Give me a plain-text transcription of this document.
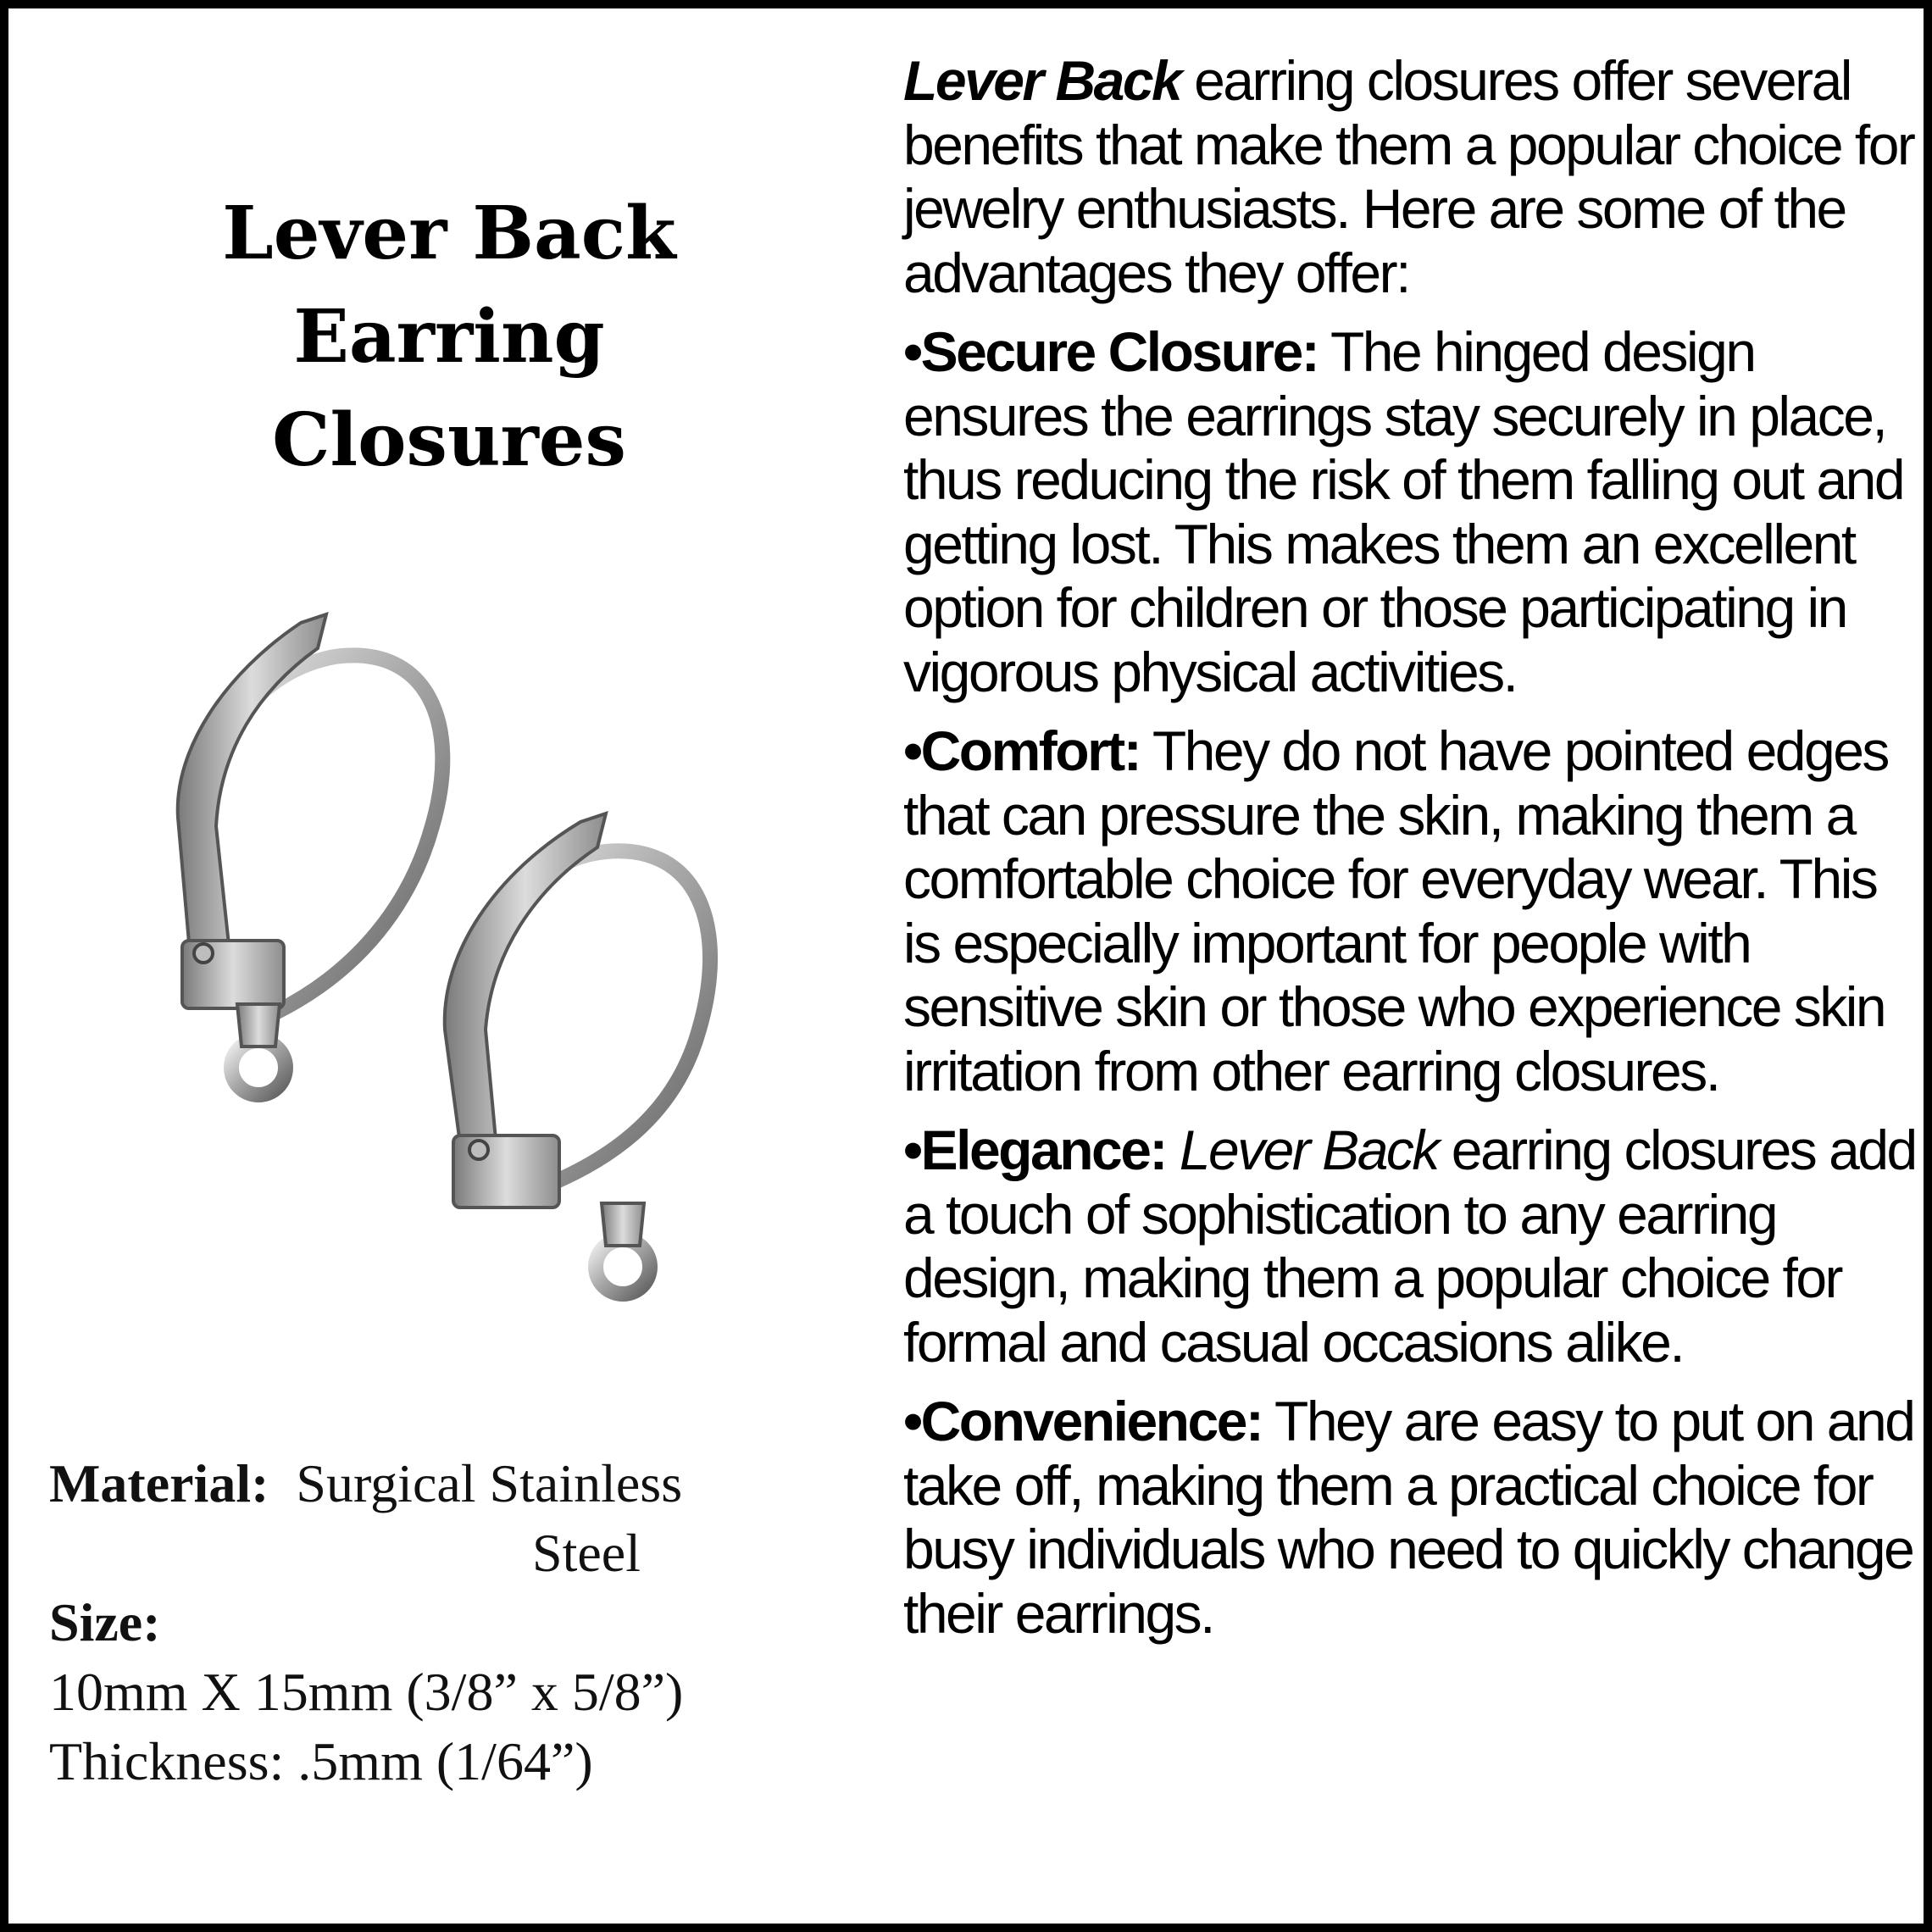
Lever Back
Earring
Closures
Material: Surgical Stainless
Steel
Size:
10mm X 15mm (3/8” x 5/8”)
Thickness: .5mm (1/64”)

Lever Back earring closures offer several benefits that make them a popular choice for jewelry enthusiasts. Here are some of the advantages they offer:

•Secure Closure: The hinged design ensures the earrings stay securely in place, thus reducing the risk of them falling out and getting lost. This makes them an excellent option for children or those participating in vigorous physical activities.

•Comfort: They do not have pointed edges that can pressure the skin, making them a comfortable choice for everyday wear. This is especially important for people with sensitive skin or those who experience skin irritation from other earring closures.

•Elegance: Lever Back earring closures add a touch of sophistication to any earring design, making them a popular choice for formal and casual occasions alike.

•Convenience: They are easy to put on and take off, making them a practical choice for busy individuals who need to quickly change their earrings.
